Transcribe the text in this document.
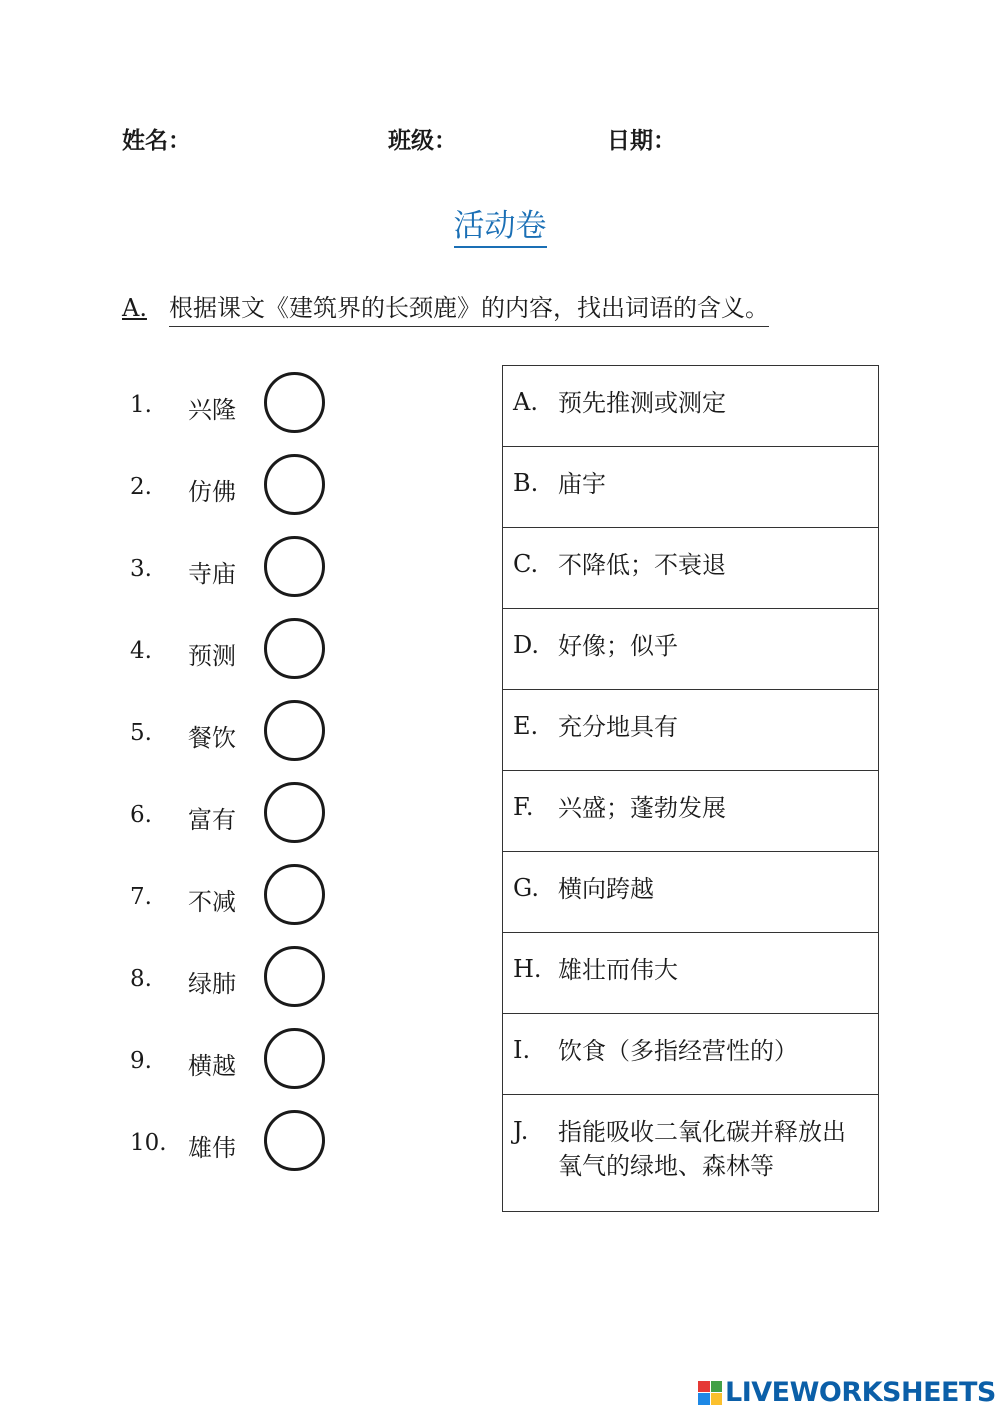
姓名：	班级：	日期：
活动卷
A. 根据课文《建筑界的长颈鹿》的内容，找出词语的含义。
1. 兴隆
2. 仿佛
3. 寺庙
4. 预测
5. 餐饮
6. 富有
7. 不减
8. 绿肺
9. 横越
10. 雄伟
A. 预先推测或测定
B. 庙宇
C. 不降低；不衰退
D. 好像；似乎
E. 充分地具有
F. 兴盛；蓬勃发展
G. 横向跨越
H. 雄壮而伟大
I. 饮食（多指经营性的）
J. 指能吸收二氧化碳并释放出氧气的绿地、森林等
LIVEWORKSHEETS
